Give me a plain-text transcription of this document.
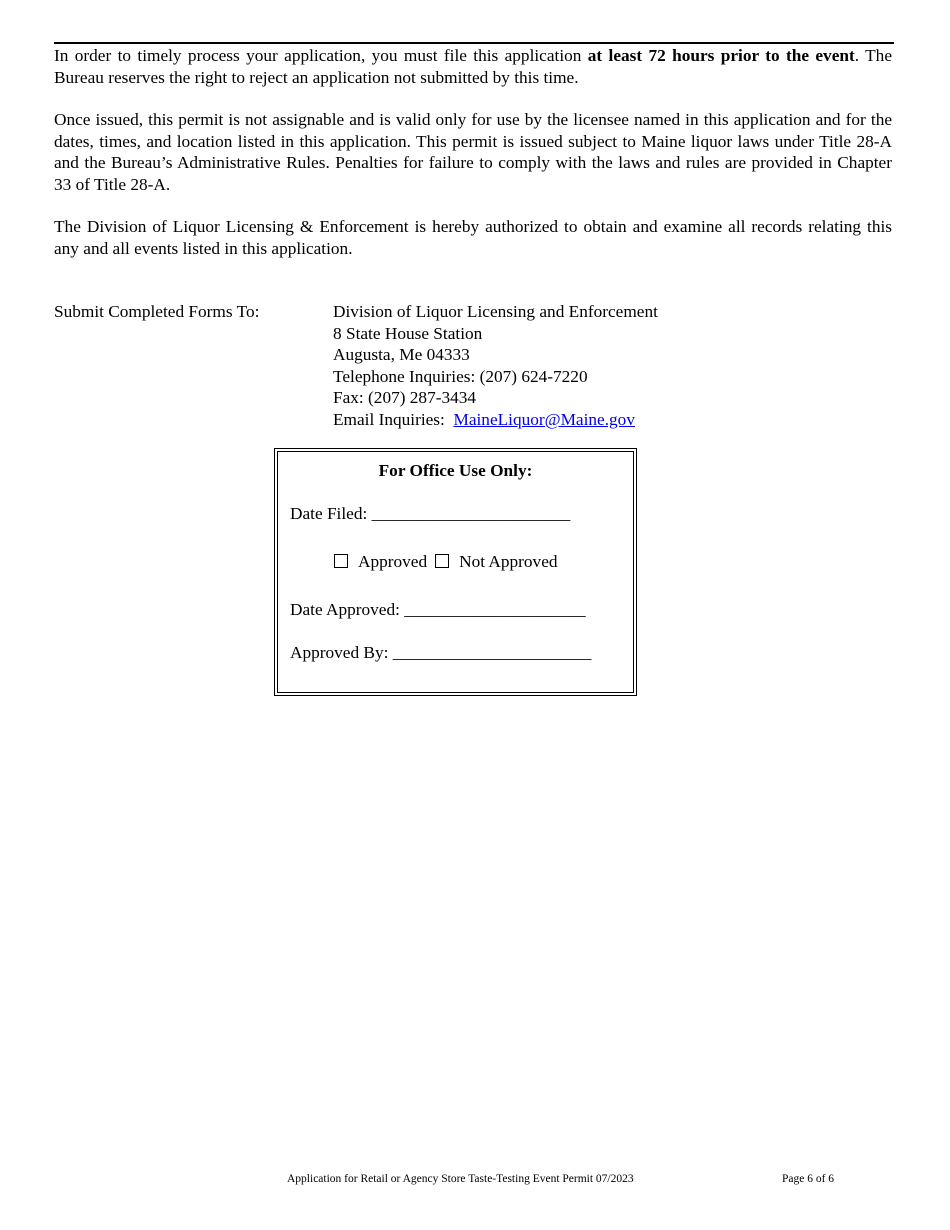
In order to timely process your application, you must file this application at least 72 hours prior to the event. The Bureau reserves the right to reject an application not submitted by this time.

Once issued, this permit is not assignable and is valid only for use by the licensee named in this application and for the dates, times, and location listed in this application. This permit is issued subject to Maine liquor laws under Title 28-A and the Bureau’s Administrative Rules. Penalties for failure to comply with the laws and rules are provided in Chapter 33 of Title 28-A.

The Division of Liquor Licensing & Enforcement is hereby authorized to obtain and examine all records relating this any and all events listed in this application.

Submit Completed Forms To:	Division of Liquor Licensing and Enforcement
8 State House Station
Augusta, Me 04333
Telephone Inquiries: (207) 624-7220
Fax: (207) 287-3434
Email Inquiries:  MaineLiquor@Maine.gov
For Office Use Only:
Date Filed: _______________________
Approved Not Approved
Date Approved: _____________________
Approved By: _______________________
Application for Retail or Agency Store Taste-Testing Event Permit 07/2023	Page 6 of 6
